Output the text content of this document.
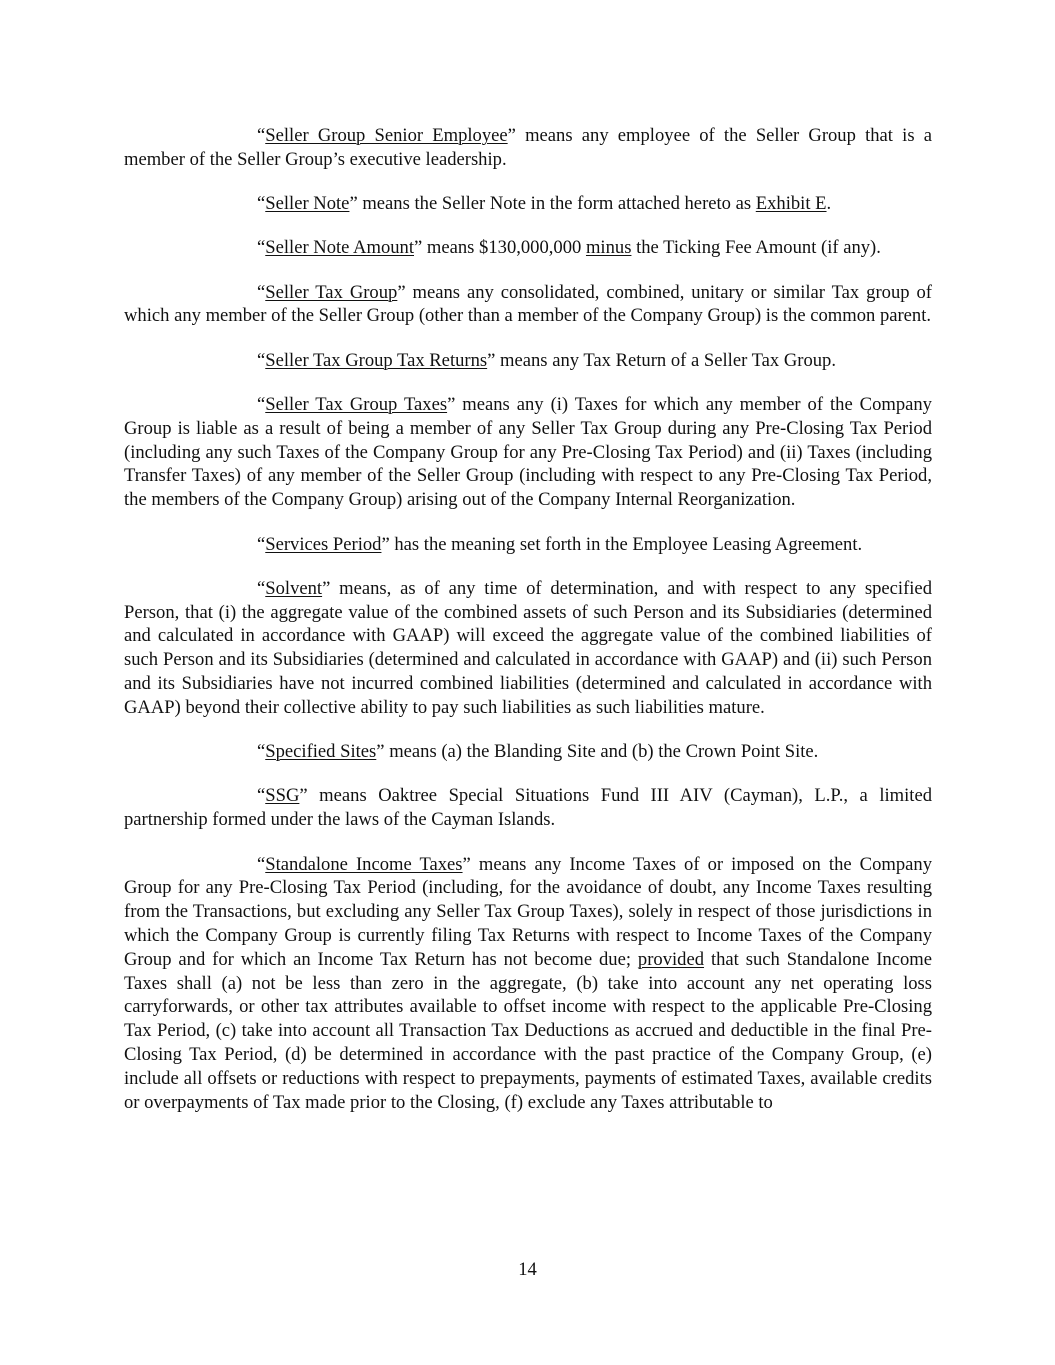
“Seller Group Senior Employee” means any employee of the Seller Group that is a member of the Seller Group’s executive leadership.

“Seller Note” means the Seller Note in the form attached hereto as Exhibit E.

“Seller Note Amount” means $130,000,000 minus the Ticking Fee Amount (if any).

“Seller Tax Group” means any consolidated, combined, unitary or similar Tax group of which any member of the Seller Group (other than a member of the Company Group) is the common parent.

“Seller Tax Group Tax Returns” means any Tax Return of a Seller Tax Group.

“Seller Tax Group Taxes” means any (i) Taxes for which any member of the Company Group is liable as a result of being a member of any Seller Tax Group during any Pre-Closing Tax Period (including any such Taxes of the Company Group for any Pre-Closing Tax Period) and (ii) Taxes (including Transfer Taxes) of any member of the Seller Group (including with respect to any Pre-Closing Tax Period, the members of the Company Group) arising out of the Company Internal Reorganization.

“Services Period” has the meaning set forth in the Employee Leasing Agreement.

“Solvent” means, as of any time of determination, and with respect to any specified Person, that (i) the aggregate value of the combined assets of such Person and its Subsidiaries (determined and calculated in accordance with GAAP) will exceed the aggregate value of the combined liabilities of such Person and its Subsidiaries (determined and calculated in accordance with GAAP) and (ii) such Person and its Subsidiaries have not incurred combined liabilities (determined and calculated in accordance with GAAP) beyond their collective ability to pay such liabilities as such liabilities mature.

“Specified Sites” means (a) the Blanding Site and (b) the Crown Point Site.

“SSG” means Oaktree Special Situations Fund III AIV (Cayman), L.P., a limited partnership formed under the laws of the Cayman Islands.

“Standalone Income Taxes” means any Income Taxes of or imposed on the Company Group for any Pre-Closing Tax Period (including, for the avoidance of doubt, any Income Taxes resulting from the Transactions, but excluding any Seller Tax Group Taxes), solely in respect of those jurisdictions in which the Company Group is currently filing Tax Returns with respect to Income Taxes of the Company Group and for which an Income Tax Return has not become due; provided that such Standalone Income Taxes shall (a) not be less than zero in the aggregate, (b) take into account any net operating loss carryforwards, or other tax attributes available to offset income with respect to the applicable Pre-Closing Tax Period, (c) take into account all Transaction Tax Deductions as accrued and deductible in the final Pre-Closing Tax Period, (d) be determined in accordance with the past practice of the Company Group, (e) include all offsets or reductions with respect to prepayments, payments of estimated Taxes, available credits or overpayments of Tax made prior to the Closing, (f) exclude any Taxes attributable to

14
